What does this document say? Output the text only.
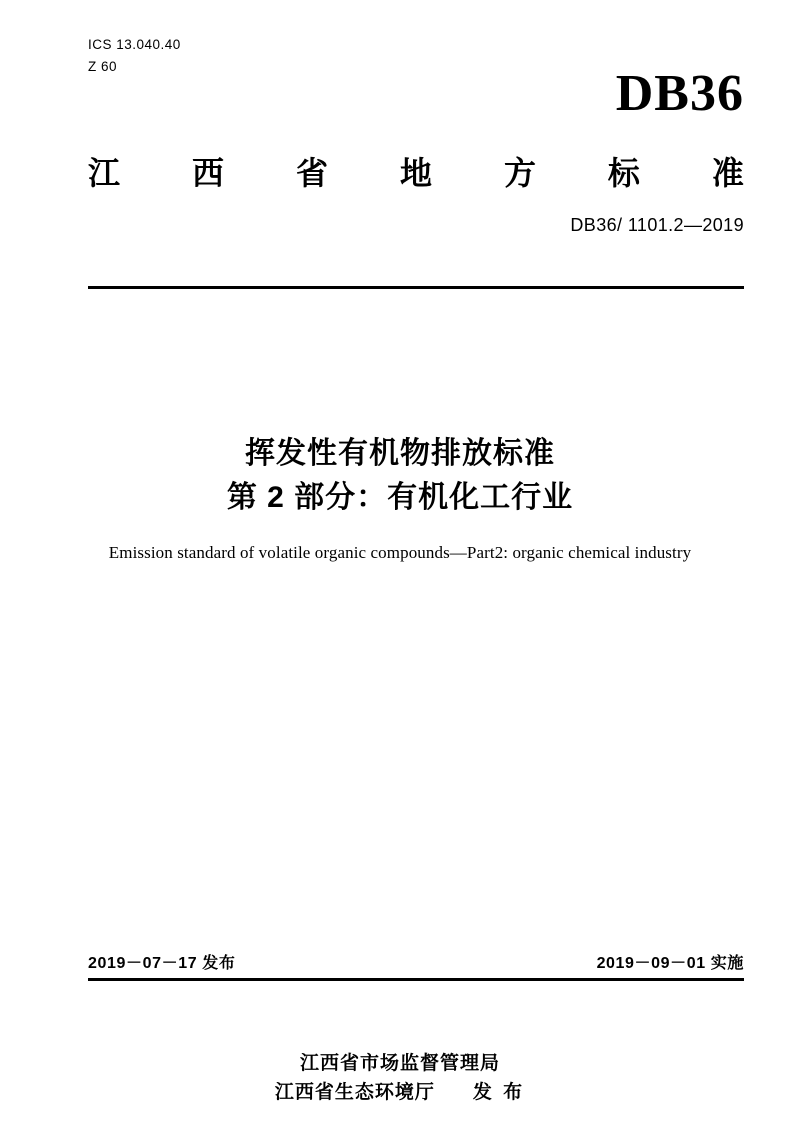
ICS 13.040.40
Z 60	DB36
江 西 省 地 方 标 准
DB36/ 1101.2—2019
挥发性有机物排放标准
第 2 部分：有机化工行业
Emission standard of volatile organic compounds—Part2: organic chemical industry
2019－07－17 发布	2019－09－01 实施
江西省市场监督管理局
江西省生态环境厅 发 布
